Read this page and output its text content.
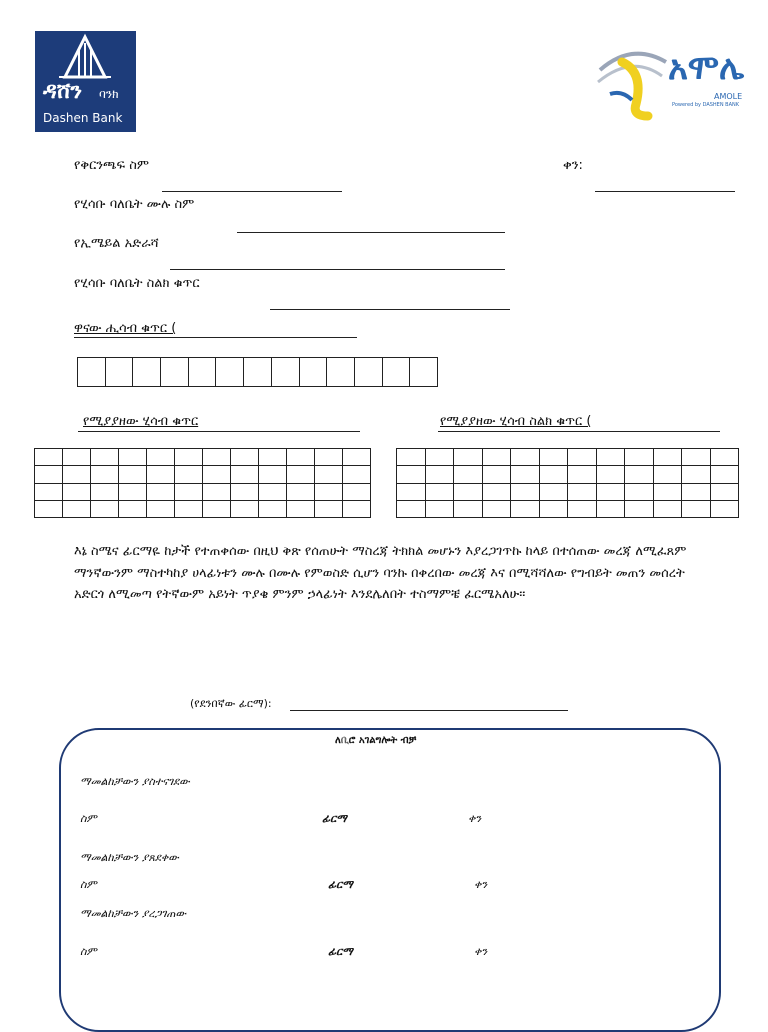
ዳሸን ባንክ
Dashen Bank
አሞሌ
AMOLE
Powered by DASHEN BANK
የቅርንጫፍ ስም	ቀን:
የሂሳቡ ባለቤት ሙሉ ስም
የኢሜይል አድራሻ
የሂሳቡ ባለቤት ስልክ ቁጥር
ዋናው ሒሳብ ቁጥር (

የሚያያዘው ሂሳብ ቁጥር	የሚያያዘው ሂሳብ ስልክ ቁጥር (

እኔ ስሜና ፊርማዬ ከታች የተጠቀሰው በዚህ ቅጽ የሰጠሁት ማስረጃ ትክክል መሆኑን እያረጋገጥኩ ከላይ በተሰጠው መረጃ ለሚፈጸም ማንኛውንም ማስተካከያ ሀላፊነቱን ሙሉ በሙሉ የምወስድ ሲሆን ባንኩ በቀረበው መረጃ እና በሚሻሻለው የግብይት መጠን መሰረት አድርጎ ለሚመጣ የትኛውም አይነት ጥያቄ ምንም ኃላፊነት እንደሌለበት ተስማምቼ ፈርሜአለሁ፡፡
(የደንበኛው ፊርማ):
ለቢሮ አገልግሎት ብቻ
ማመልከቻውን ያስተናገደው
ስም	ፊርማ	ቀን
ማመልከቻውን ያጸደቀው
ስም	ፊርማ	ቀን
ማመልከቻውን ያረጋገጠው
ስም	ፊርማ	ቀን
